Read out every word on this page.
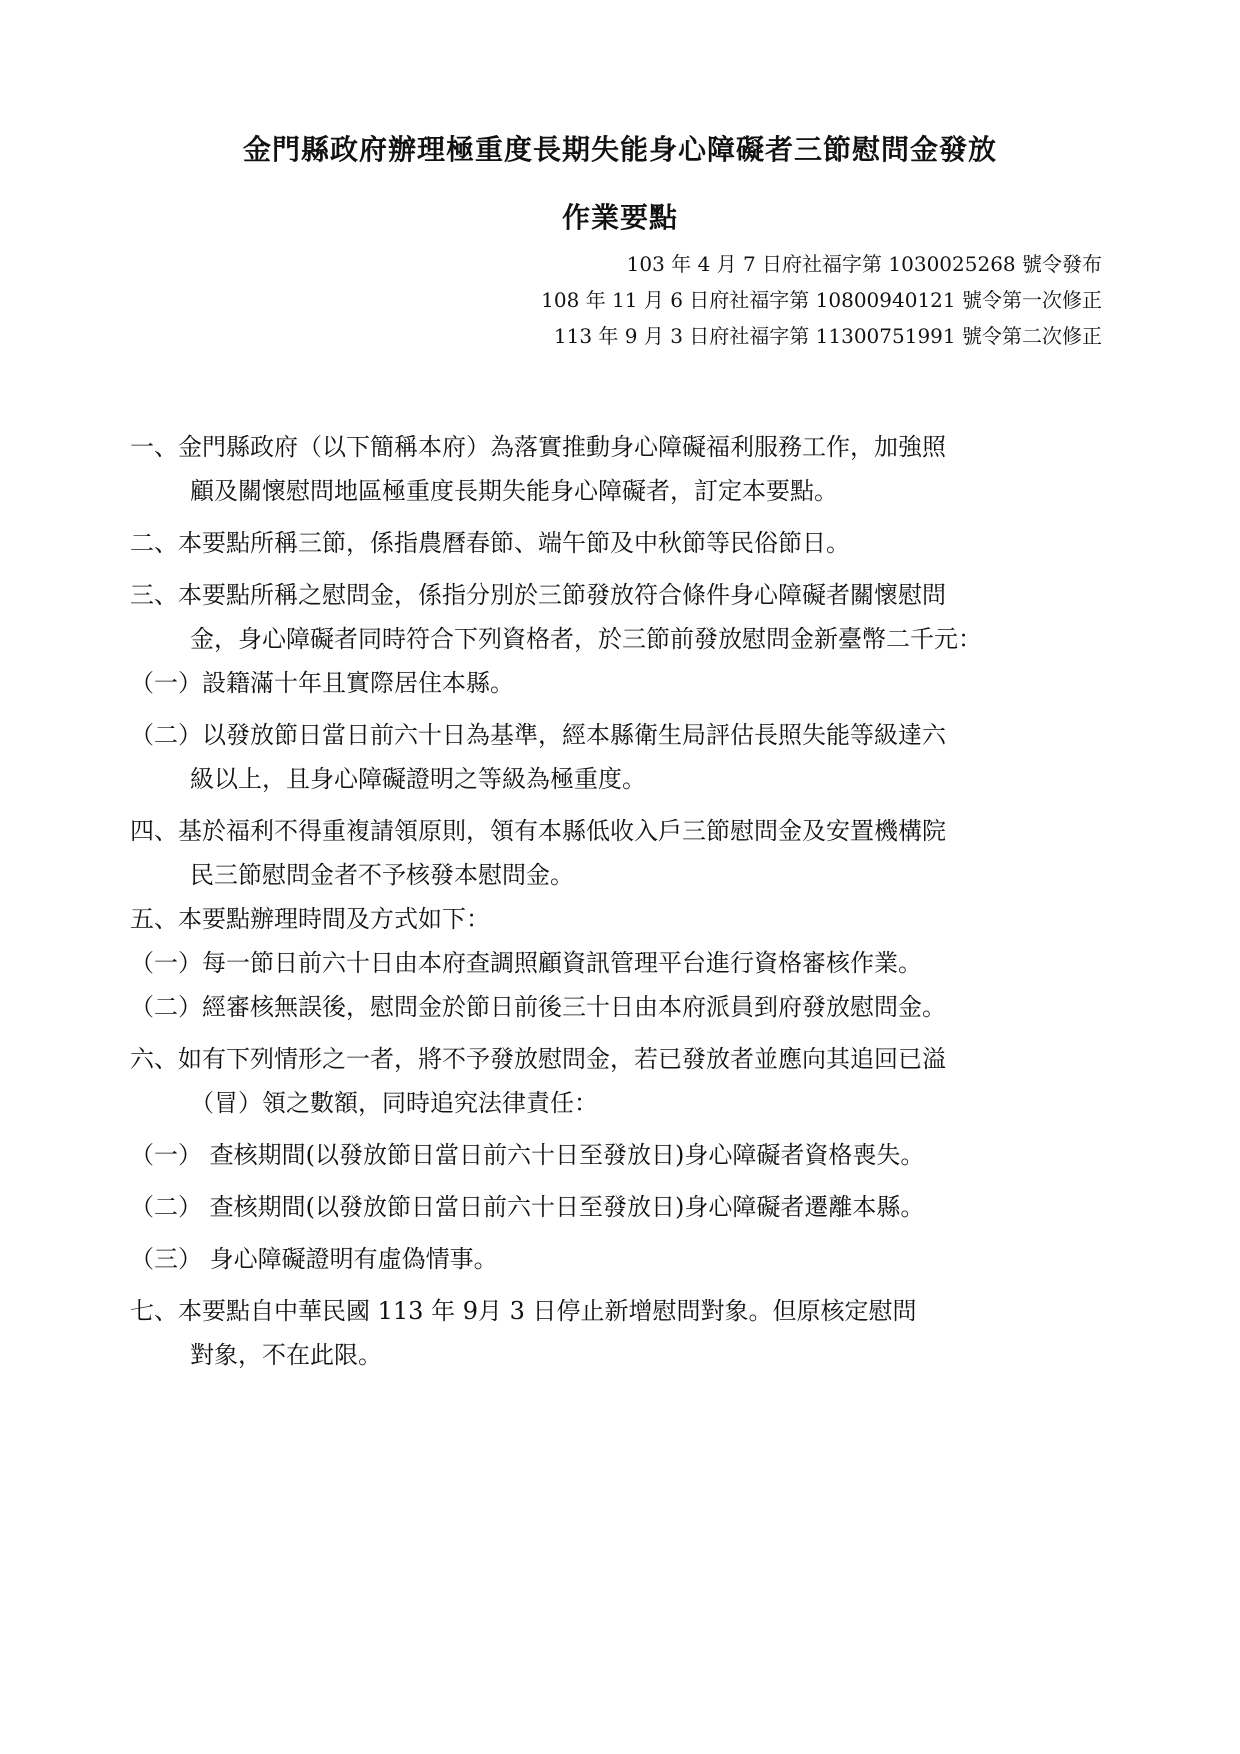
金門縣政府辦理極重度長期失能身心障礙者三節慰問金發放
作業要點
103 年 4 月 7 日府社福字第 1030025268 號令發布
108 年 11 月 6 日府社福字第 10800940121 號令第一次修正
113 年 9 月 3 日府社福字第 11300751991 號令第二次修正
一、金門縣政府（以下簡稱本府）為落實推動身心障礙福利服務工作，加強照
顧及關懷慰問地區極重度長期失能身心障礙者，訂定本要點。
二、本要點所稱三節，係指農曆春節、端午節及中秋節等民俗節日。
三、本要點所稱之慰問金，係指分別於三節發放符合條件身心障礙者關懷慰問
金，身心障礙者同時符合下列資格者，於三節前發放慰問金新臺幣二千元：
（一）設籍滿十年且實際居住本縣。
（二）以發放節日當日前六十日為基準，經本縣衛生局評估長照失能等級達六
級以上，且身心障礙證明之等級為極重度。
四、基於福利不得重複請領原則，領有本縣低收入戶三節慰問金及安置機構院
民三節慰問金者不予核發本慰問金。
五、本要點辦理時間及方式如下：
（一）每一節日前六十日由本府查調照顧資訊管理平台進行資格審核作業。
（二）經審核無誤後，慰問金於節日前後三十日由本府派員到府發放慰問金。
六、如有下列情形之一者，將不予發放慰問金，若已發放者並應向其追回已溢
（冒）領之數額，同時追究法律責任：
（一） 查核期間(以發放節日當日前六十日至發放日)身心障礙者資格喪失。
（二） 查核期間(以發放節日當日前六十日至發放日)身心障礙者遷離本縣。
（三） 身心障礙證明有虛偽情事。
七、本要點自中華民國 113 年 9月 3 日停止新增慰問對象。但原核定慰問
對象，不在此限。
